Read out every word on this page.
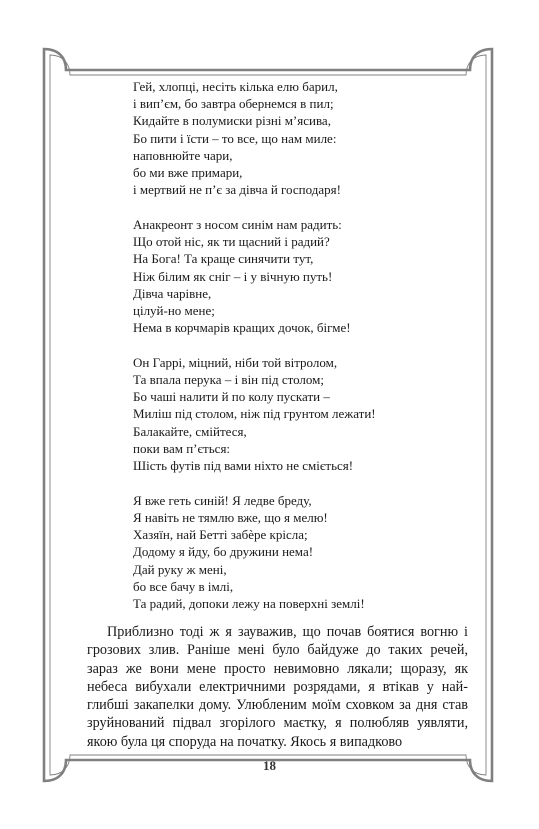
Гей, хлопці, несіть кілька елю барил,
і вип’єм, бо завтра обернемся в пил;
Кидайте в полумиски різні м’ясива,
Бо пити і їсти – то все, що нам миле:
наповнюйте чари,
бо ми вже примари,
і мертвий не п’є за дівча й господаря!
Анакреонт з носом синім нам радить:
Що отой ніс, як ти щасний і радий?
На Бога! Та краще синячити тут,
Ніж білим як сніг – і у вічную путь!
Дівча чарівне,
цілуй-но мене;
Нема в корчмарів кращих дочок, бігме!
Он Гаррі, міцний, ніби той вітролом,
Та впала перука – і він під столом;
Бо чаші налити й по колу пускати –
Миліш під столом, ніж під грунтом лежати!
Балакайте, смійтеся,
поки вам п’ється:
Шість футів під вами ніхто не сміється!
Я вже геть синій! Я ледве бреду,
Я навіть не тямлю вже, що я мелю!
Хазяїн, най Бетті забѐре крісла;
Додому я йду, бо дружини нема!
Дай руку ж мені,
бо все бачу в імлі,
Та радий, допоки лежу на поверхні землі!

Приблизно тоді ж я зауважив, що почав боятися вогню і грозових злив. Раніше мені було байдуже до таких речей, зараз же вони мене просто невимовно лякали; щоразу, як небеса вибухали електричними розрядами, я втікав у найглибші закапелки дому. Улюбленим моїм сховком за дня став зруйнований підвал згорілого маєтку, я полюбляв уявляти, якою була ця споруда на початку. Якось я випадково

18
